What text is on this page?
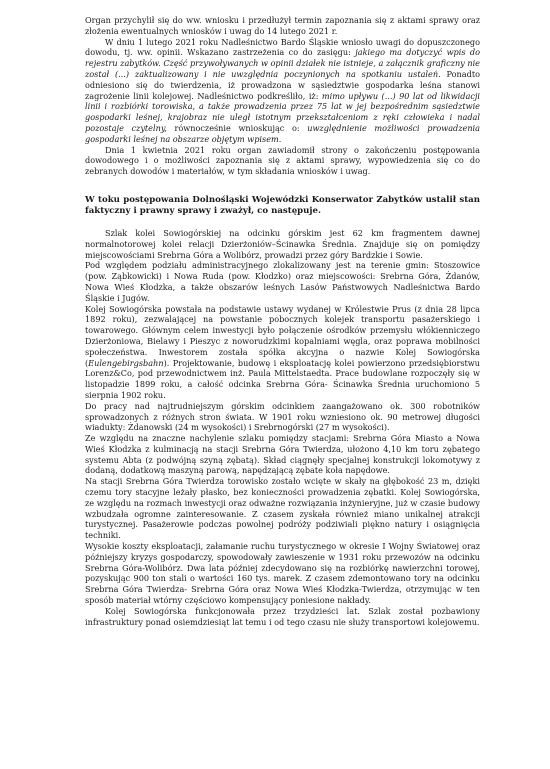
Organ przychylił się do ww. wniosku i przedłużył termin zapoznania się z aktami sprawy oraz złożenia ewentualnych wniosków i uwag do 14 lutego 2021 r.

W dniu 1 lutego 2021 roku Nadleśnictwo Bardo Śląskie wniosło uwagi do dopuszczonego dowodu, tj. ww. opinii. Wskazano zastrzeżenia co do zasięgu: jakiego ma dotyczyć wpis do rejestru zabytków. Część przywoływanych w opinii działek nie istnieje, a załącznik graficzny nie został (...) zaktualizowany i nie uwzględnia poczynionych na spotkaniu ustaleń. Ponadto odniesiono się do twierdzenia, iż prowadzona w sąsiedztwie gospodarka leśna stanowi zagrożenie linii kolejowej. Nadleśnictwo podkreśliło, iż: mimo upływu (...) 90 lat od likwidacji linii i rozbiórki torowiska, a także prowadzenia przez 75 lat w jej bezpośrednim sąsiedztwie gospodarki leśnej, krajobraz nie uległ istotnym przekształceniom z ręki człowieka i nadal pozostaje czytelny, równocześnie wnioskując o: uwzględnienie możliwości prowadzenia gospodarki leśnej na obszarze objętym wpisem.

Dnia 1 kwietnia 2021 roku organ zawiadomił strony o zakończeniu postępowania dowodowego i o możliwości zapoznania się z aktami sprawy, wypowiedzenia się co do zebranych dowodów i materiałów, w tym składania wniosków i uwag.

W toku postępowania Dolnośląski Wojewódzki Konserwator Zabytków ustalił stan faktyczny i prawny sprawy i zważył, co następuje.

Szlak kolei Sowiogórskiej na odcinku górskim jest 62 km fragmentem dawnej normalnotorowej kolei relacji Dzierżoniów–Ścinawka Średnia. Znajduje się on pomiędzy miejscowościami Srebrna Góra a Wolibórz, prowadzi przez góry Bardzkie i Sowie.

Pod względem podziału administracyjnego zlokalizowany jest na terenie gmin: Stoszowice (pow. Ząbkowicki) i Nowa Ruda (pow. Kłodzko) oraz miejscowości: Srebrna Góra, Żdanów, Nowa Wieś Kłodzka, a także obszarów leśnych Lasów Państwowych Nadleśnictwa Bardo Śląskie i Jugów.

Kolej Sowiogórska powstała na podstawie ustawy wydanej w Królestwie Prus (z dnia 28 lipca 1892 roku), zezwalającej na powstanie pobocznych kolejek transportu pasażerskiego i towarowego. Głównym celem inwestycji było połączenie ośrodków przemysłu włókienniczego Dzierżoniowa, Bielawy i Pieszyc z noworudzkimi kopalniami węgla, oraz poprawa mobilności społeczeństwa. Inwestorem została spółka akcyjna o nazwie Kolej Sowiogórska (Eulengebirgsbahn). Projektowanie, budowę i eksploatację kolei powierzono przedsiębiorstwu Lorenz&Co, pod przewodnictwem inż. Paula Mittelstaedta. Prace budowlane rozpoczęły się w listopadzie 1899 roku, a całość odcinka Srebrna Góra- Ścinawka Średnia uruchomiono 5 sierpnia 1902 roku.

Do pracy nad najtrudniejszym górskim odcinkiem zaangażowano ok. 300 robotników sprowadzonych z różnych stron świata. W 1901 roku wzniesiono ok. 90 metrowej długości wiadukty: Żdanowski (24 m wysokości) i Srebrnogórski (27 m wysokości).

Ze względu na znaczne nachylenie szlaku pomiędzy stacjami: Srebrna Góra Miasto a Nowa Wieś Kłodzka z kulminacją na stacji Srebrna Góra Twierdza, ułożono 4,10 km toru zębatego systemu Abta (z podwójną szyną zębatą). Skład ciągnęły specjalnej konstrukcji lokomotywy z dodaną, dodatkową maszyną parową, napędzającą zębate koła napędowe.

Na stacji Srebrna Góra Twierdza torowisko zostało wcięte w skały na głębokość 23 m, dzięki czemu tory stacyjne leżały płasko, bez konieczności prowadzenia zębatki. Kolej Sowiogórska, ze względu na rozmach inwestycji oraz odważne rozwiązania inżynieryjne, już w czasie budowy wzbudzała ogromne zainteresowanie. Z czasem zyskała również miano unikalnej atrakcji turystycznej. Pasażerowie podczas powolnej podróży podziwiali piękno natury i osiągnięcia techniki.

Wysokie koszty eksploatacji, załamanie ruchu turystycznego w okresie I Wojny Światowej oraz późniejszy kryzys gospodarczy, spowodowały zawieszenie w 1931 roku przewozów na odcinku Srebrna Góra-Wolibórz. Dwa lata później zdecydowano się na rozbiórkę nawierzchni torowej, pozyskując 900 ton stali o wartości 160 tys. marek. Z czasem zdemontowano tory na odcinku Srebrna Góra Twierdza- Srebrna Góra oraz Nowa Wieś Kłodzka-Twierdza, otrzymując w ten sposób materiał wtórny częściowo kompensujący poniesione nakłady.

Kolej Sowiogórska funkcjonowała przez trzydzieści lat. Szlak został pozbawiony infrastruktury ponad osiemdziesiąt lat temu i od tego czasu nie służy transportowi kolejowemu.
